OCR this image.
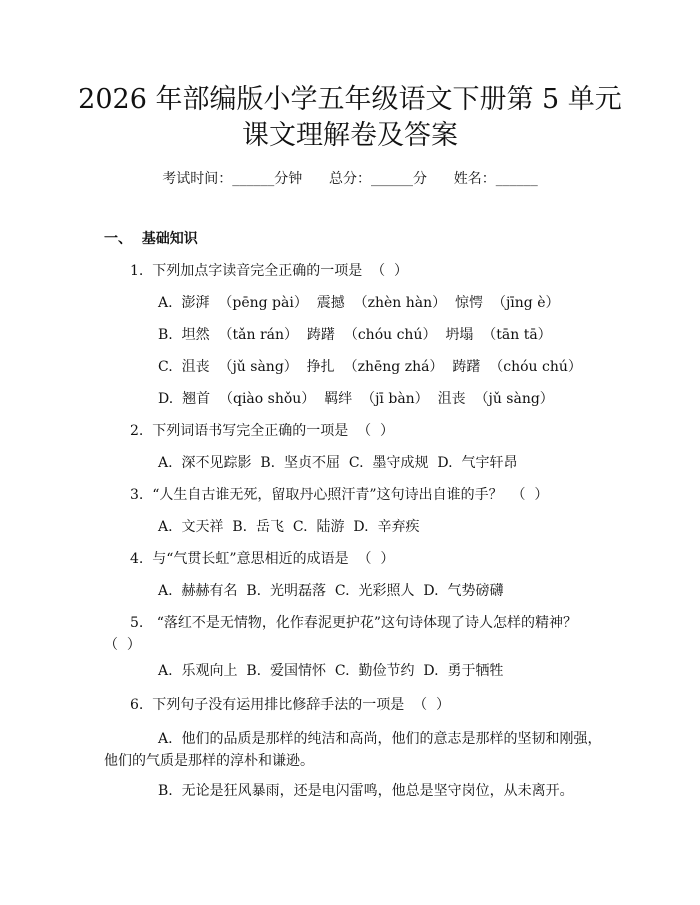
2026 年部编版小学五年级语文下册第 5 单元
课文理解卷及答案
考试时间：______分钟 总分：______分 姓名：______
一、  基础知识
1.  下列加点字读音完全正确的一项是  （  ）
A.  澎湃  （pēng pài）  震撼  （zhèn hàn）  惊愕  （jīng è）
B.  坦然  （tǎn rán）  踌躇  （chóu chú）  坍塌  （tān tā）
C.  沮丧  （jǔ sàng）  挣扎  （zhēng zhá）  踌躇  （chóu chú）
D.  翘首  （qiào shǒu）  羁绊  （jī bàn）  沮丧  （jǔ sàng）
2.  下列词语书写完全正确的一项是  （  ）
A.  深不见踪影  B.  坚贞不屈  C.  墨守成规  D.  气宇轩昂
3.  “人生自古谁无死，留取丹心照汗青”这句诗出自谁的手？  （  ）
A.  文天祥  B.  岳飞  C.  陆游  D.  辛弃疾
4.  与“气贯长虹”意思相近的成语是  （  ）
A.  赫赫有名  B.  光明磊落  C.  光彩照人  D.  气势磅礴
5.   “落红不是无情物，化作春泥更护花”这句诗体现了诗人怎样的精神？
（  ）
A.  乐观向上  B.  爱国情怀  C.  勤俭节约  D.  勇于牺牲
6.  下列句子没有运用排比修辞手法的一项是  （  ）
A.  他们的品质是那样的纯洁和高尚，他们的意志是那样的坚韧和刚强，
他们的气质是那样的淳朴和谦逊。
B.  无论是狂风暴雨，还是电闪雷鸣，他总是坚守岗位，从未离开。
